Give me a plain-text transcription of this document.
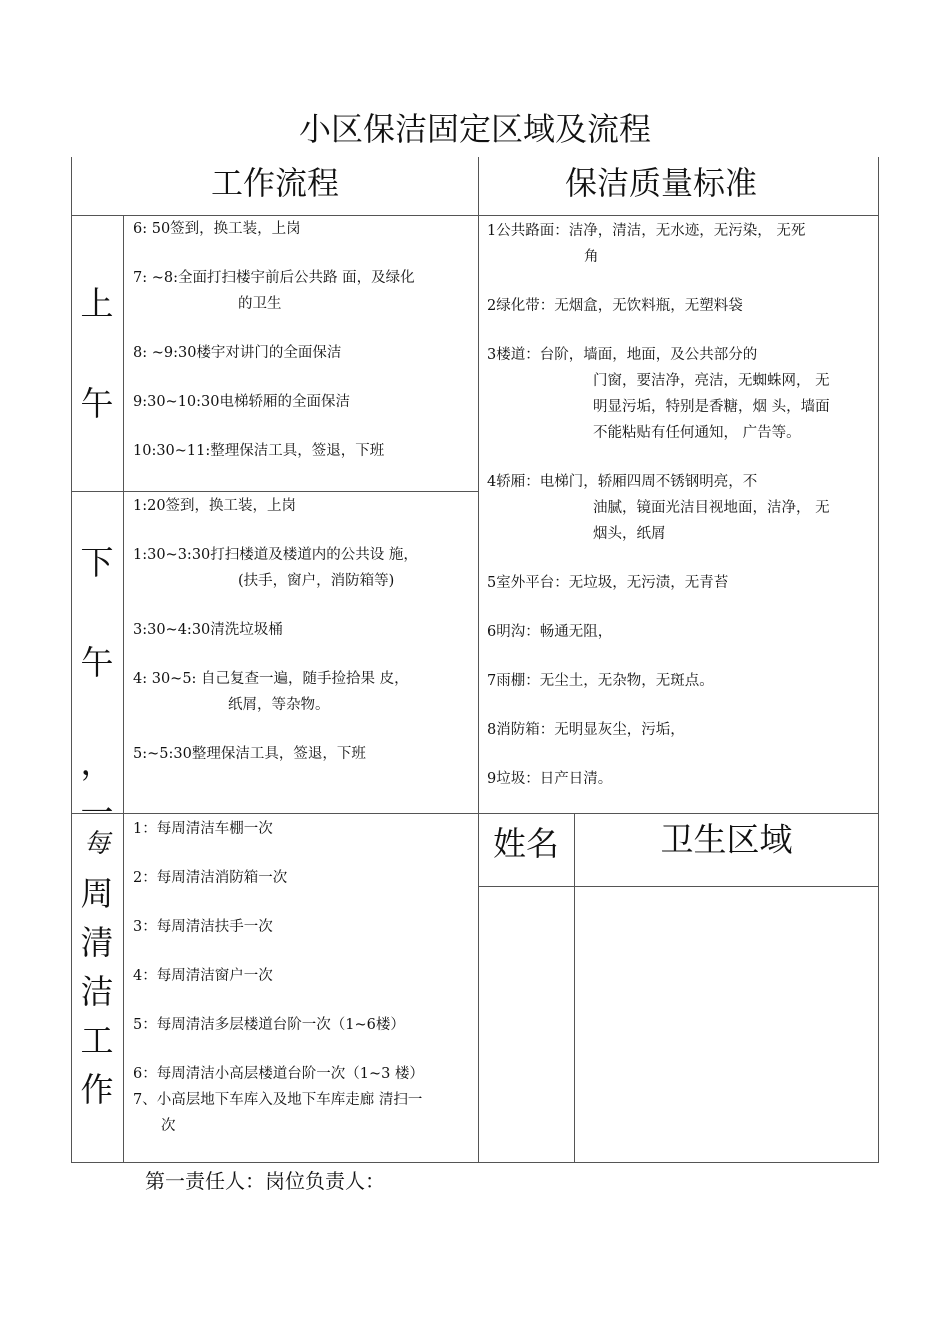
小区保洁固定区域及流程
工作流程	保洁质量标准
上
午
6: 50签到，换工装，上岗
7: ~8:全面打扫楼宇前后公共路 面，及绿化
的卫生
8: ~9:30楼宇对讲门的全面保洁
9:30~10:30电梯轿厢的全面保洁
10:30~11:整理保洁工具，签退，下班
下
午
，
一
1:20签到，换工装，上岗
1:30~3:30打扫楼道及楼道内的公共设 施，
(扶手，窗户，消防箱等)
3:30~4:30清洗垃圾桶
4: 30~5: 自己复查一遍，随手捡拾果 皮，
纸屑，等杂物。
5:~5:30整理保洁工具，签退，下班
1公共路面：洁净，清洁，无水迹，无污染， 无死
角
2绿化带：无烟盒，无饮料瓶，无塑料袋
3楼道：台阶，墙面，地面，及公共部分的
门窗，要洁净，亮洁，无蜘蛛网， 无
明显污垢，特别是香糖，烟 头，墙面
不能粘贴有任何通知， 广告等。
4轿厢：电梯门，轿厢四周不锈钢明亮，不
油腻，镜面光洁目视地面，洁净， 无
烟头，纸屑
5室外平台：无垃圾，无污渍，无青苔
6明沟：畅通无阻，
7雨棚：无尘土，无杂物，无斑点。
8消防箱：无明显灰尘，污垢，
9垃圾：日产日清。
每
周
清
洁
工
作
1：每周清洁车棚一次
2：每周清洁消防箱一次
3：每周清洁扶手一次
4：每周清洁窗户一次
5：每周清洁多层楼道台阶一次（1~6楼）
6：每周清洁小高层楼道台阶一次（1~3 楼）
7、小高层地下车库入及地下车库走廊 清扫一
次
姓名	卫生区域
第一责任人：岗位负责人：
